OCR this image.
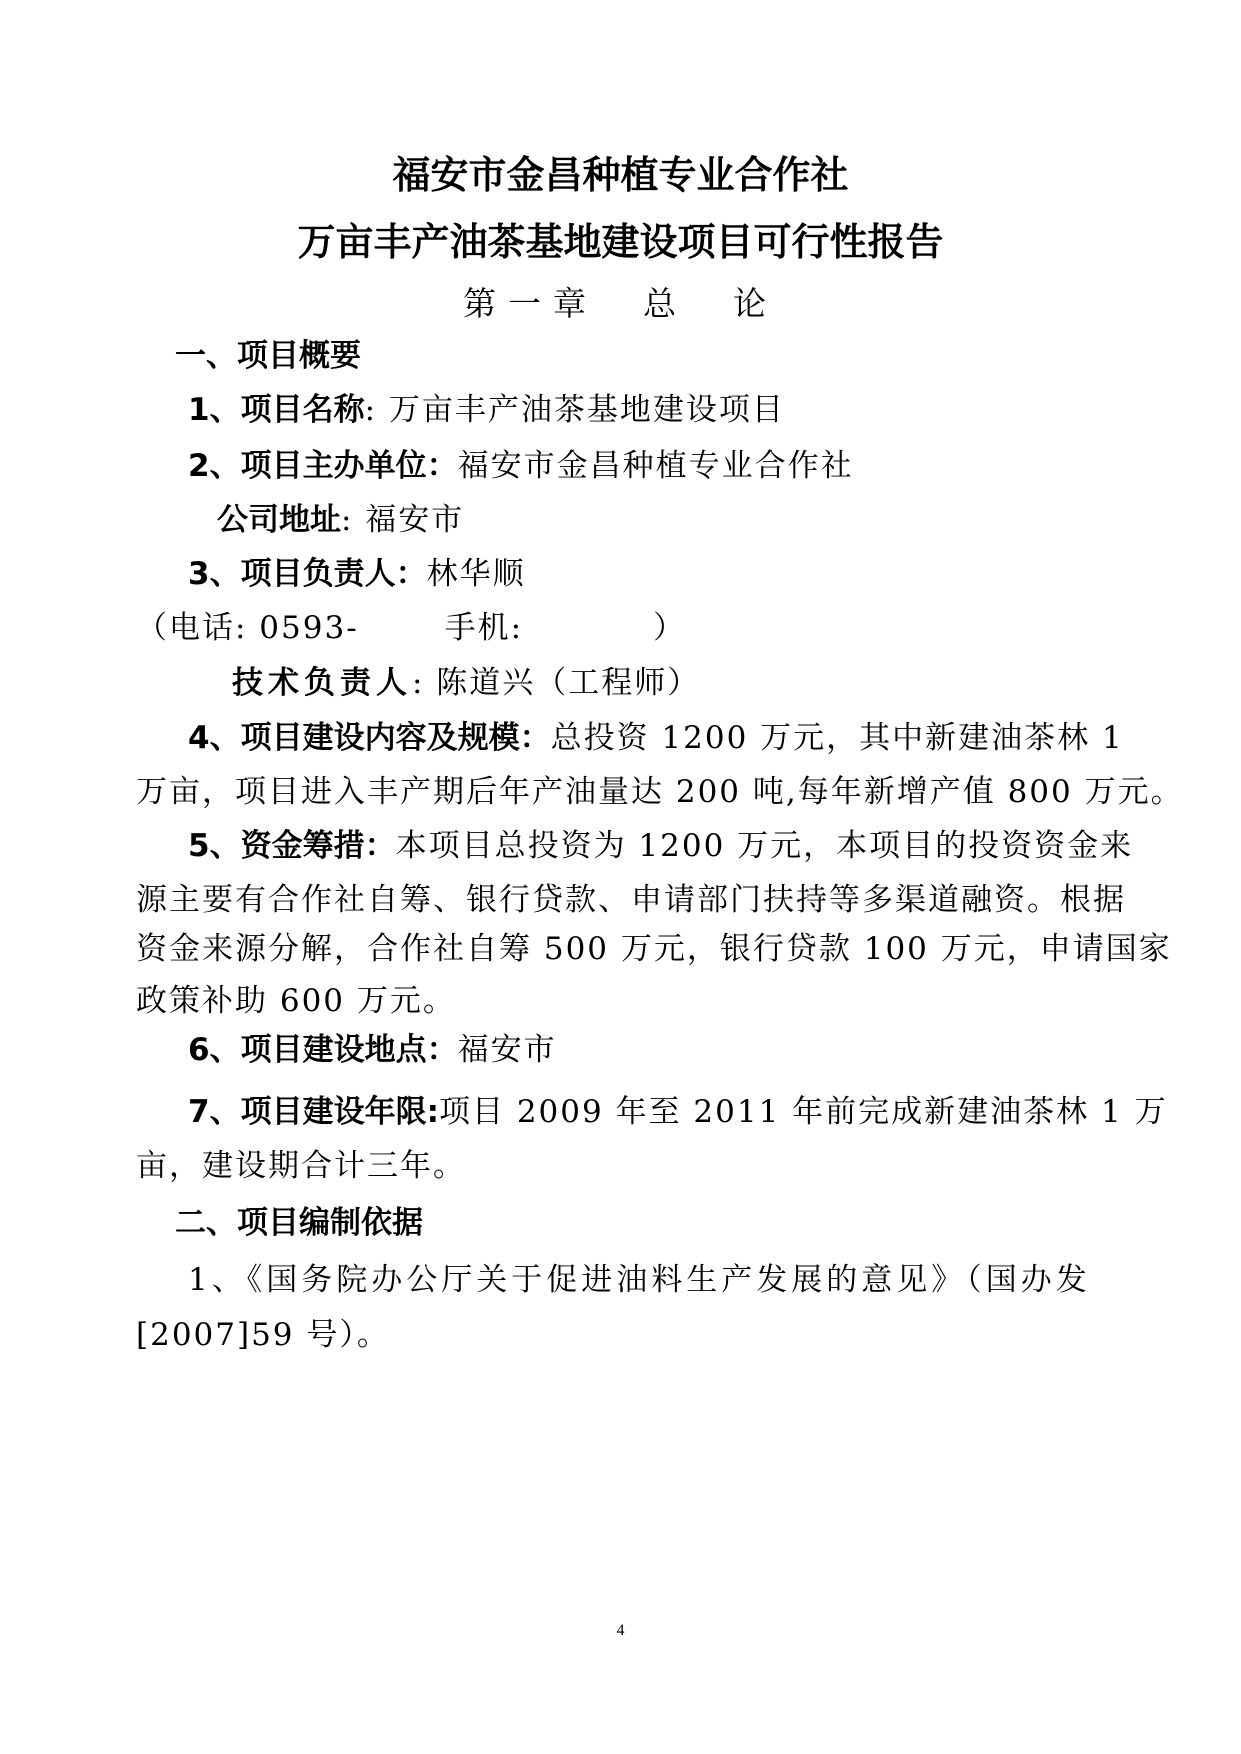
福安市金昌种植专业合作社
万亩丰产油茶基地建设项目可行性报告
第一章　总　论
一、项目概要
1、项目名称: 万亩丰产油茶基地建设项目
2、项目主办单位：福安市金昌种植专业合作社
公司地址: 福安市
3、项目负责人：林华顺
（电话: 0593-	手机:	）
技术负责人: 陈道兴（工程师）
4、项目建设内容及规模：总投资 1200 万元，其中新建油茶林 1
万亩，项目进入丰产期后年产油量达 200 吨,每年新增产值 800 万元。
5、资金筹措：本项目总投资为 1200 万元，本项目的投资资金来
源主要有合作社自筹、银行贷款、申请部门扶持等多渠道融资。根据
资金来源分解，合作社自筹 500 万元，银行贷款 100 万元，申请国家
政策补助 600 万元。
6、项目建设地点：福安市
7、项目建设年限:项目 2009 年至 2011 年前完成新建油茶林 1 万
亩，建设期合计三年。
二、项目编制依据
1、《国务院办公厅关于促进油料生产发展的意见》（国办发
[2007]59 号）。
4
